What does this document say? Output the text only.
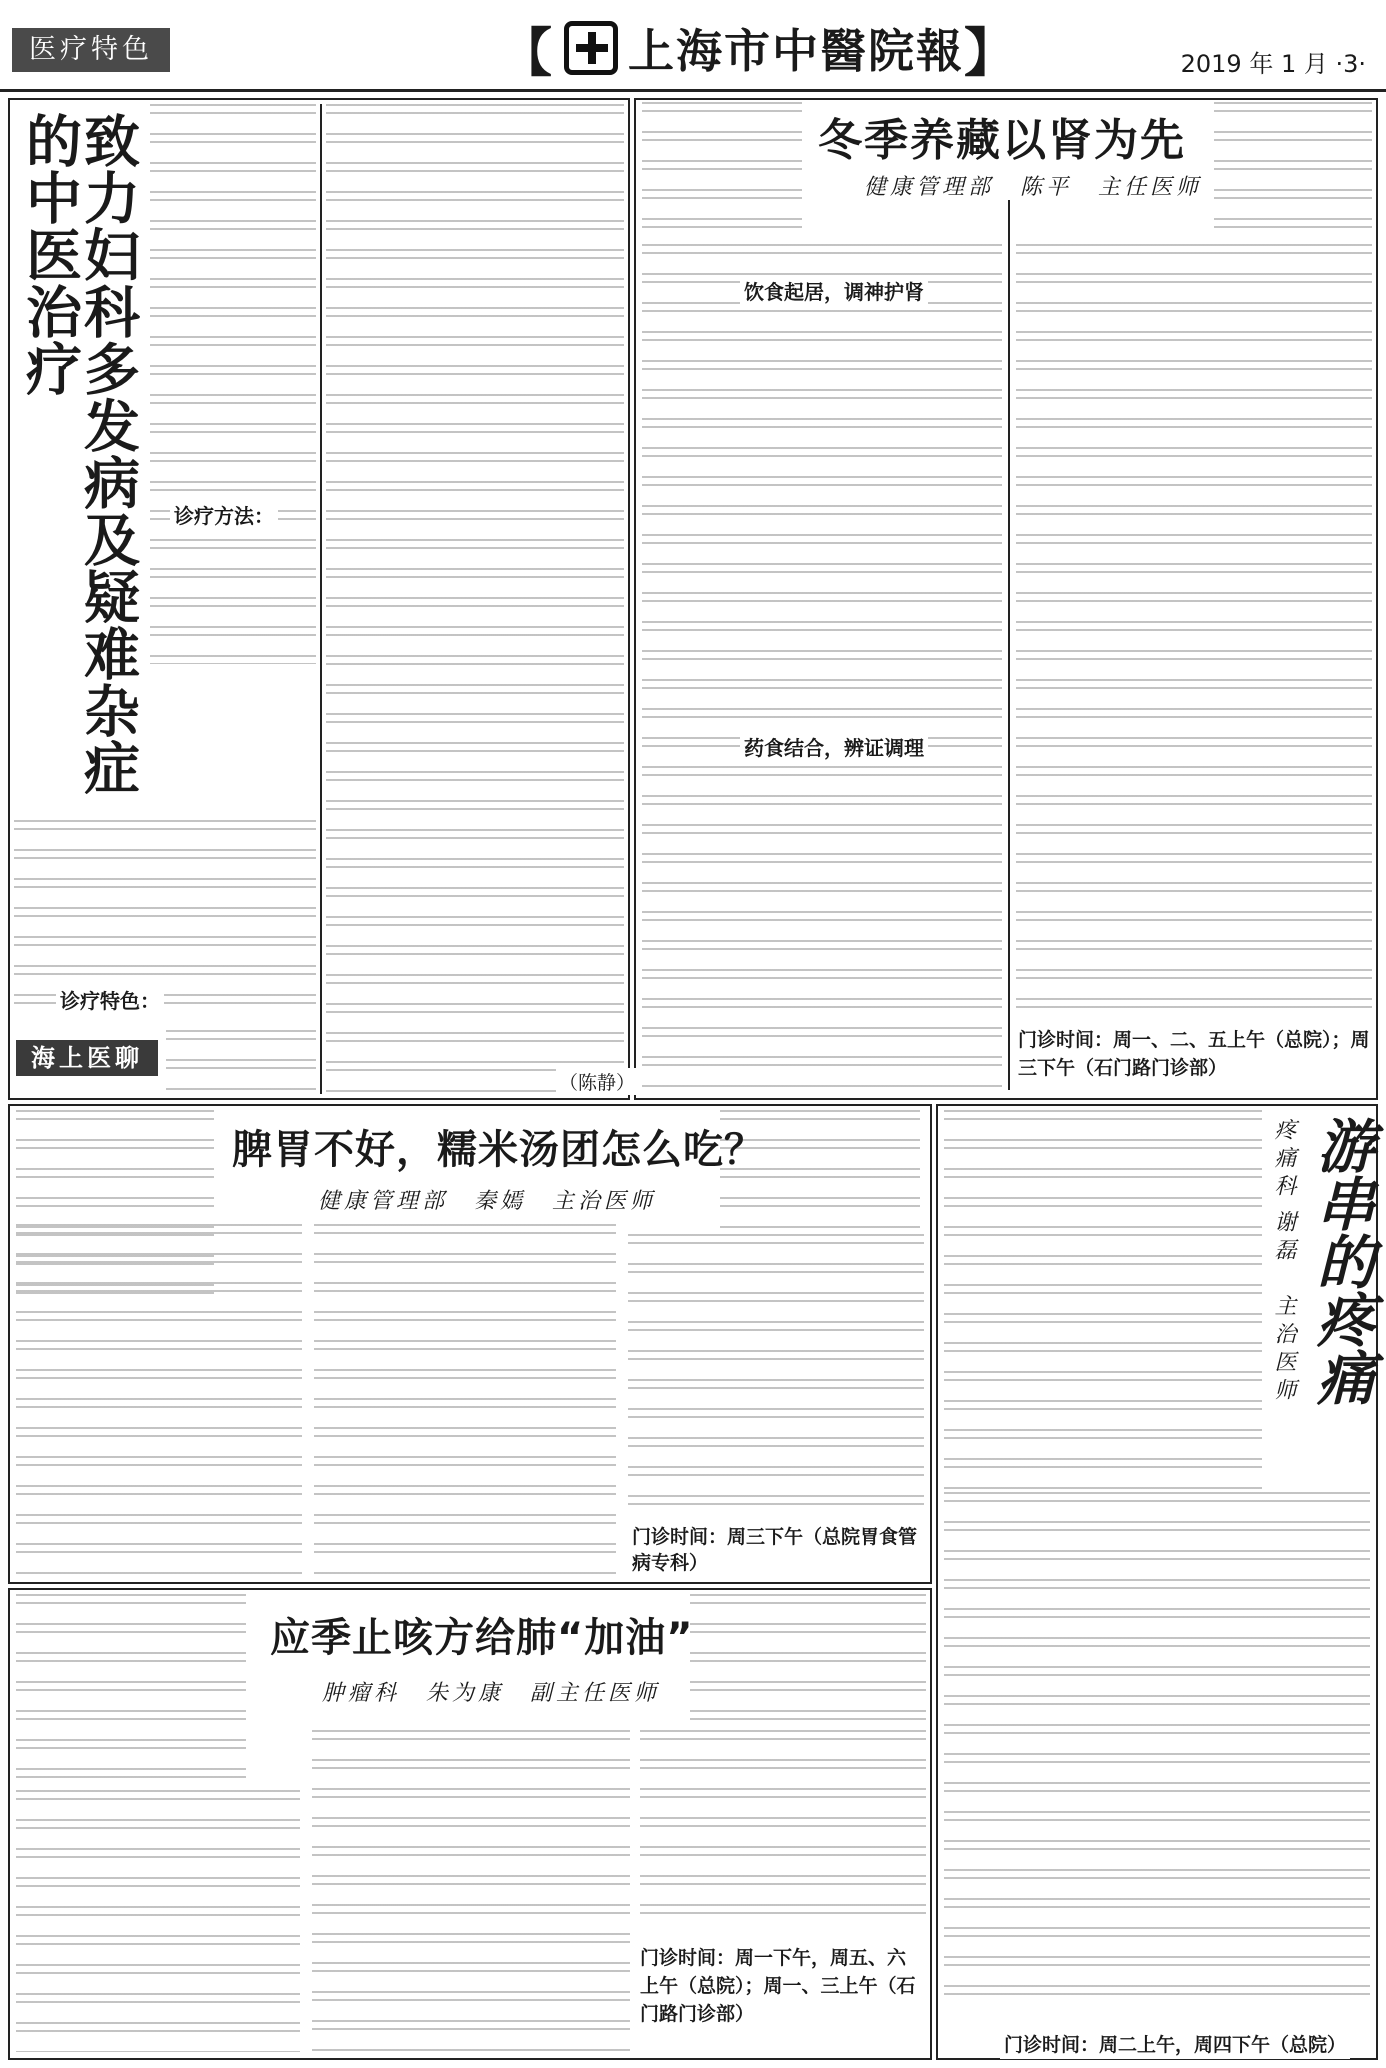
医疗特色	【 上海市中醫院報 】	2019 年 1 月 ·3·
致力妇科多发病及疑难杂症的中医治疗
诊疗方法：
诊疗特色：
海上医聊
（陈静）
冬季养藏以肾为先
健康管理部　陈平　主任医师
饮食起居，调神护肾
药食结合，辨证调理
门诊时间：周一、二、五上午（总院）；周三下午（石门路门诊部）
脾胃不好，糯米汤团怎么吃？
健康管理部　秦嫣　主治医师
门诊时间：周三下午（总院胃食管病专科）
疼痛科
谢磊　主治医师 游串的疼痛
门诊时间：周二上午，周四下午（总院）
应季止咳方给肺“加油”
肿瘤科　朱为康　副主任医师
门诊时间：周一下午，周五、六上午（总院）；周一、三上午（石门路门诊部）
